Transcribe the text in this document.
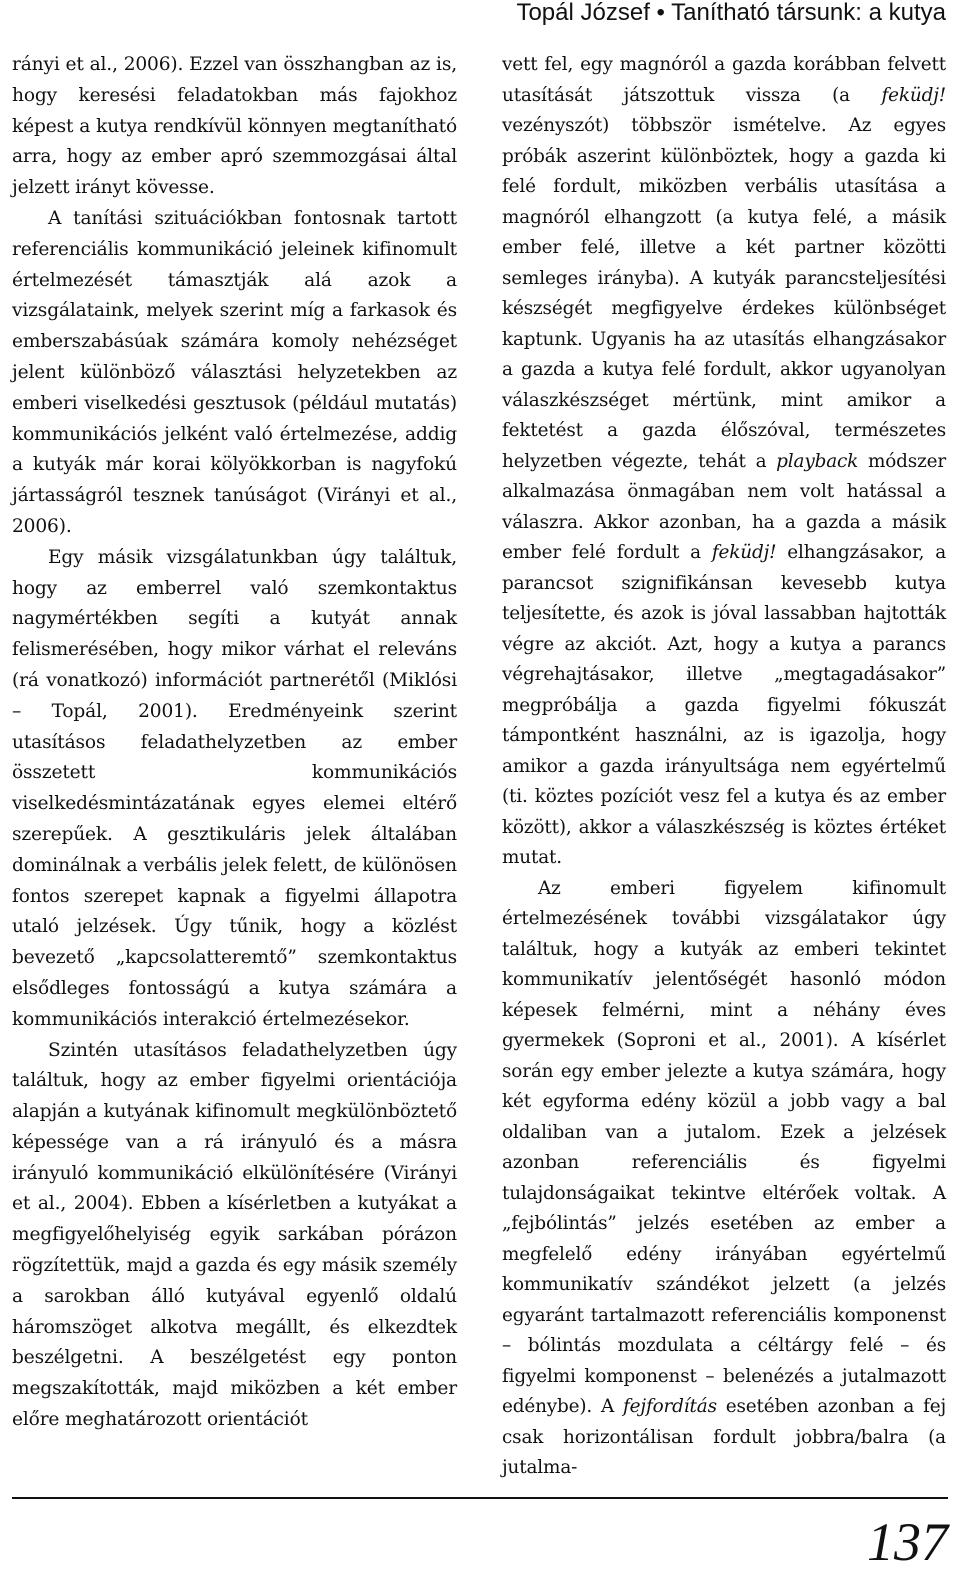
Topál József • Tanítható társunk: a kutya

rányi et al., 2006). Ezzel van összhangban az is, hogy keresési feladatokban más fajokhoz képest a kutya rendkívül könnyen megtanítható arra, hogy az ember apró szemmozgásai által jelzett irányt kövesse.

A tanítási szituációkban fontosnak tartott referenciális kommunikáció jeleinek kifinomult értelmezését támasztják alá azok a vizsgálataink, melyek szerint míg a farkasok és emberszabásúak számára komoly nehézséget jelent különböző választási helyzetekben az emberi viselkedési gesztusok (például mutatás) kommunikációs jelként való értelmezése, addig a kutyák már korai kölyökkorban is nagyfokú jártasságról tesznek tanúságot (Virányi et al., 2006).

Egy másik vizsgálatunkban úgy találtuk, hogy az emberrel való szemkontaktus nagymértékben segíti a kutyát annak felismerésében, hogy mikor várhat el releváns (rá vonatkozó) információt partnerétől (Miklósi – Topál, 2001). Eredményeink szerint utasításos feladathelyzetben az ember összetett kommunikációs viselkedésmintázatának egyes elemei eltérő szerepűek. A gesztikuláris jelek általában dominálnak a verbális jelek felett, de különösen fontos szerepet kapnak a figyelmi állapotra utaló jelzések. Úgy tűnik, hogy a közlést bevezető „kapcsolatteremtő” szemkontaktus elsődleges fontosságú a kutya számára a kommunikációs interakció értelmezésekor.

Szintén utasításos feladathelyzetben úgy találtuk, hogy az ember figyelmi orientációja alapján a kutyának kifinomult megkülönböztető képessége van a rá irányuló és a másra irányuló kommunikáció elkülönítésére (Virányi et al., 2004). Ebben a kísérletben a kutyákat a megfigyelőhelyiség egyik sarkában pórázon rögzítettük, majd a gazda és egy másik személy a sarokban álló kutyával egyenlő oldalú háromszöget alkotva megállt, és elkezdtek beszélgetni. A beszélgetést egy ponton megszakították, majd miközben a két ember előre meghatározott orientációt

vett fel, egy magnóról a gazda korábban felvett utasítását játszottuk vissza (a feküdj! vezényszót) többször ismételve. Az egyes próbák aszerint különböztek, hogy a gazda ki felé fordult, miközben verbális utasítása a magnóról elhangzott (a kutya felé, a másik ember felé, illetve a két partner közötti semleges irányba). A kutyák parancsteljesítési készségét megfigyelve érdekes különbséget kaptunk. Ugyanis ha az utasítás elhangzásakor a gazda a kutya felé fordult, akkor ugyanolyan válaszkészséget mértünk, mint amikor a fektetést a gazda élőszóval, természetes helyzetben végezte, tehát a playback módszer alkalmazása önmagában nem volt hatással a válaszra. Akkor azonban, ha a gazda a másik ember felé fordult a feküdj! elhangzásakor, a parancsot szignifikánsan kevesebb kutya teljesítette, és azok is jóval lassabban hajtották végre az akciót. Azt, hogy a kutya a parancs végrehajtásakor, illetve „megtagadásakor” megpróbálja a gazda figyelmi fókuszát támpontként használni, az is igazolja, hogy amikor a gazda irányultsága nem egyértelmű (ti. köztes pozíciót vesz fel a kutya és az ember között), akkor a válaszkészség is köztes értéket mutat.

Az emberi figyelem kifinomult értelmezésének további vizsgálatakor úgy találtuk, hogy a kutyák az emberi tekintet kommunikatív jelentőségét hasonló módon képesek felmérni, mint a néhány éves gyermekek (Soproni et al., 2001). A kísérlet során egy ember jelezte a kutya számára, hogy két egyforma edény közül a jobb vagy a bal oldaliban van a jutalom. Ezek a jelzések azonban referenciális és figyelmi tulajdonságaikat tekintve eltérőek voltak. A „fejbólintás” jelzés esetében az ember a megfelelő edény irányában egyértelmű kommunikatív szándékot jelzett (a jelzés egyaránt tartalmazott referenciális komponenst – bólintás mozdulata a céltárgy felé – és figyelmi komponenst – belenézés a jutalmazott edénybe). A fejfordítás esetében azonban a fej csak horizontálisan fordult jobbra/balra (a jutalma-

137
